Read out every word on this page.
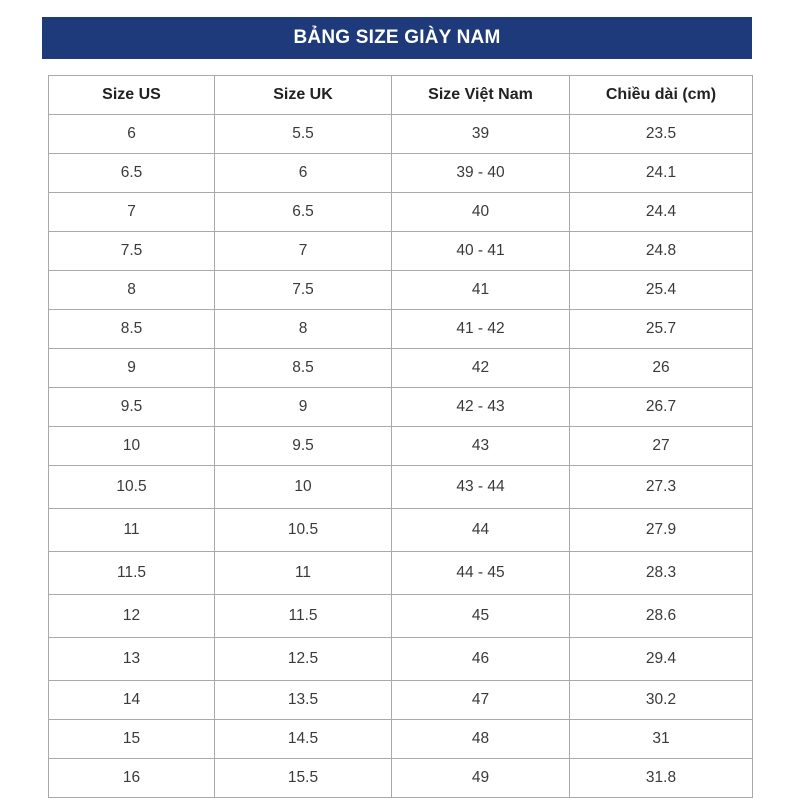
BẢNG SIZE GIÀY NAM
Size US	Size UK	Size Việt Nam	Chiều dài (cm)
6	5.5	39	23.5
6.5	6	39 - 40	24.1
7	6.5	40	24.4
7.5	7	40 - 41	24.8
8	7.5	41	25.4
8.5	8	41 - 42	25.7
9	8.5	42	26
9.5	9	42 - 43	26.7
10	9.5	43	27
10.5	10	43 - 44	27.3
11	10.5	44	27.9
11.5	11	44 - 45	28.3
12	11.5	45	28.6
13	12.5	46	29.4
14	13.5	47	30.2
15	14.5	48	31
16	15.5	49	31.8
